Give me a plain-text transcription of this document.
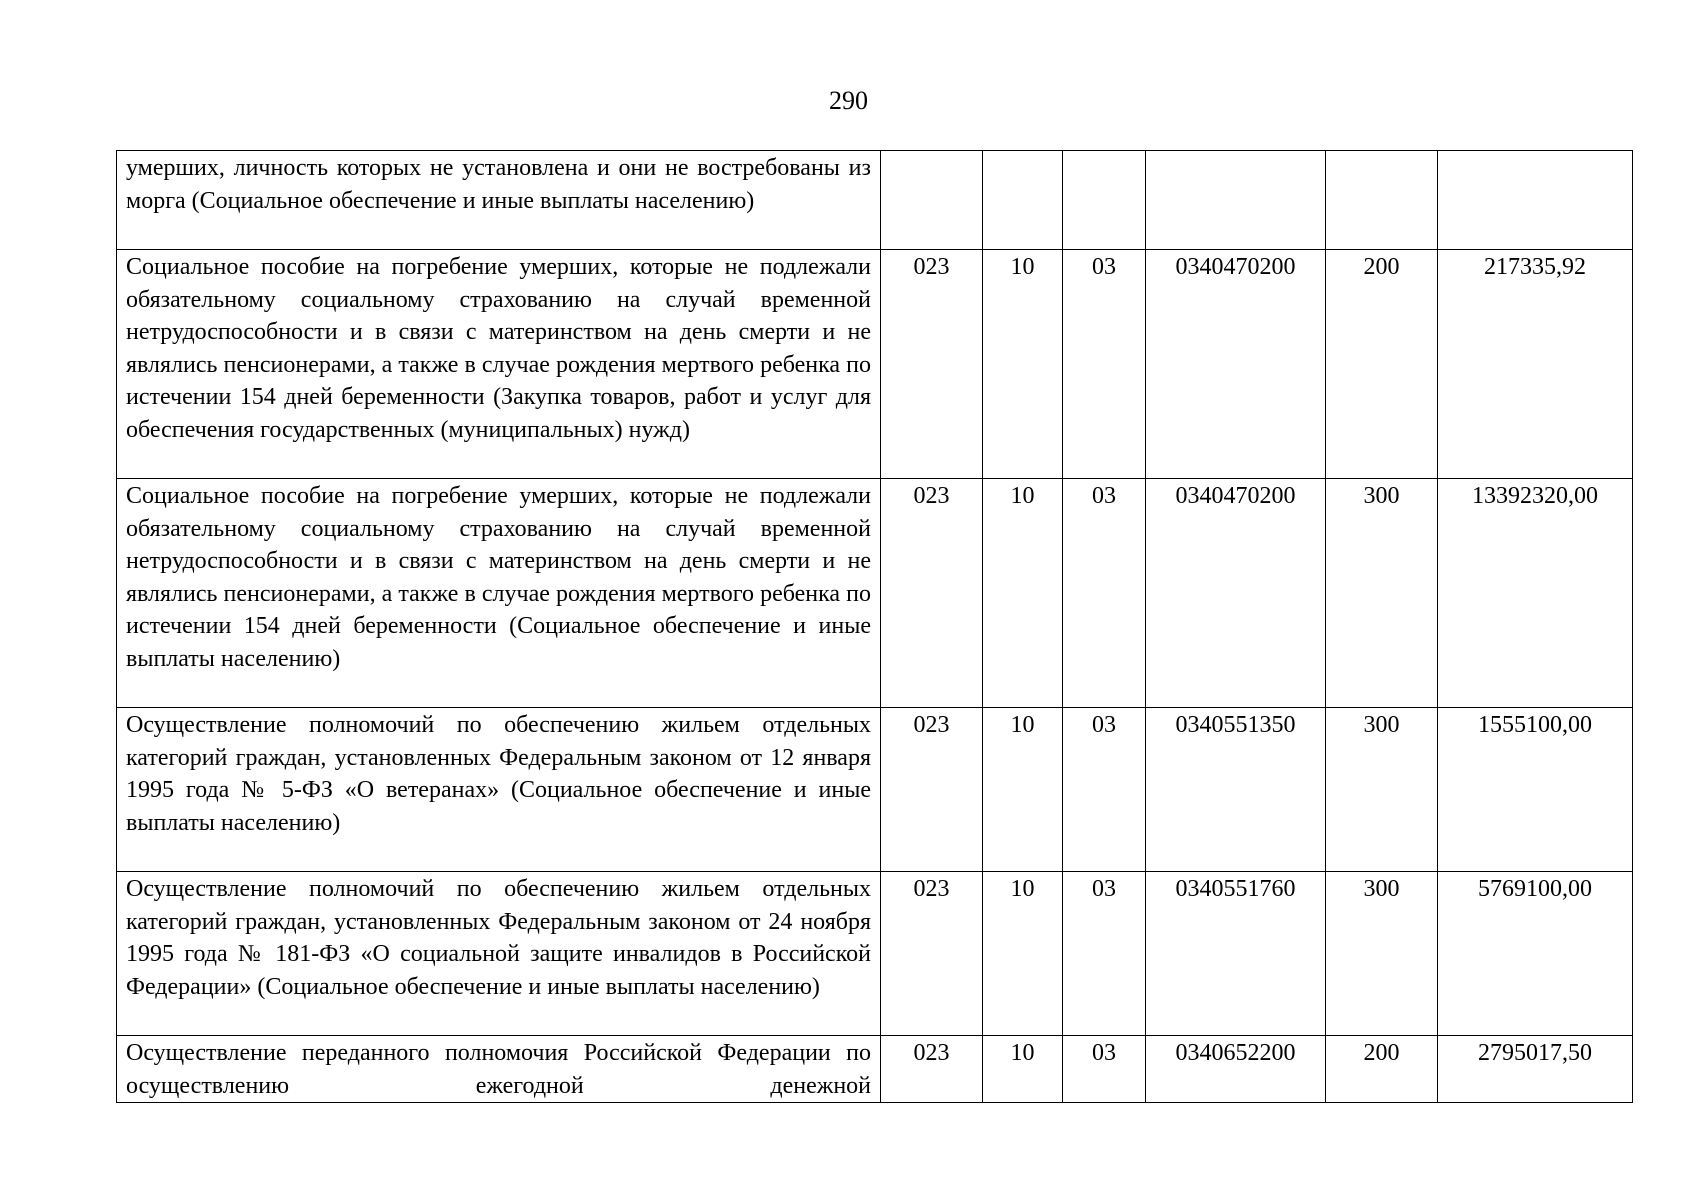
290
умерших, личность которых не установлена и они не востребованы из морга (Социальное обеспечение и иные выплаты населению)						
Социальное пособие на погребение умерших, которые не подлежали обязательному социальному страхованию на случай временной нетрудоспособности и в связи с материнством на день смерти и не являлись пенсионерами, а также в случае рождения мертвого ребенка по истечении 154 дней беременности (Закупка товаров, работ и услуг для обеспечения государственных (муниципальных) нужд)	023	10	03	0340470200	200	217335,92
Социальное пособие на погребение умерших, которые не подлежали обязательному социальному страхованию на случай временной нетрудоспособности и в связи с материнством на день смерти и не являлись пенсионерами, а также в случае рождения мертвого ребенка по истечении 154 дней беременности (Социальное обеспечение и иные выплаты населению)	023	10	03	0340470200	300	13392320,00
Осуществление полномочий по обеспечению жильем отдельных категорий граждан, установленных Федеральным законом от 12 января 1995 года № 5-ФЗ «О ветеранах» (Социальное обеспечение и иные выплаты населению)	023	10	03	0340551350	300	1555100,00
Осуществление полномочий по обеспечению жильем отдельных категорий граждан, установленных Федеральным законом от 24 ноября 1995 года № 181-ФЗ «О социальной защите инвалидов в Российской Федерации» (Социальное обеспечение и иные выплаты населению)	023	10	03	0340551760	300	5769100,00
Осуществление переданного полномочия Российской Федерации по осуществлению ежегодной денежной	023	10	03	0340652200	200	2795017,50
